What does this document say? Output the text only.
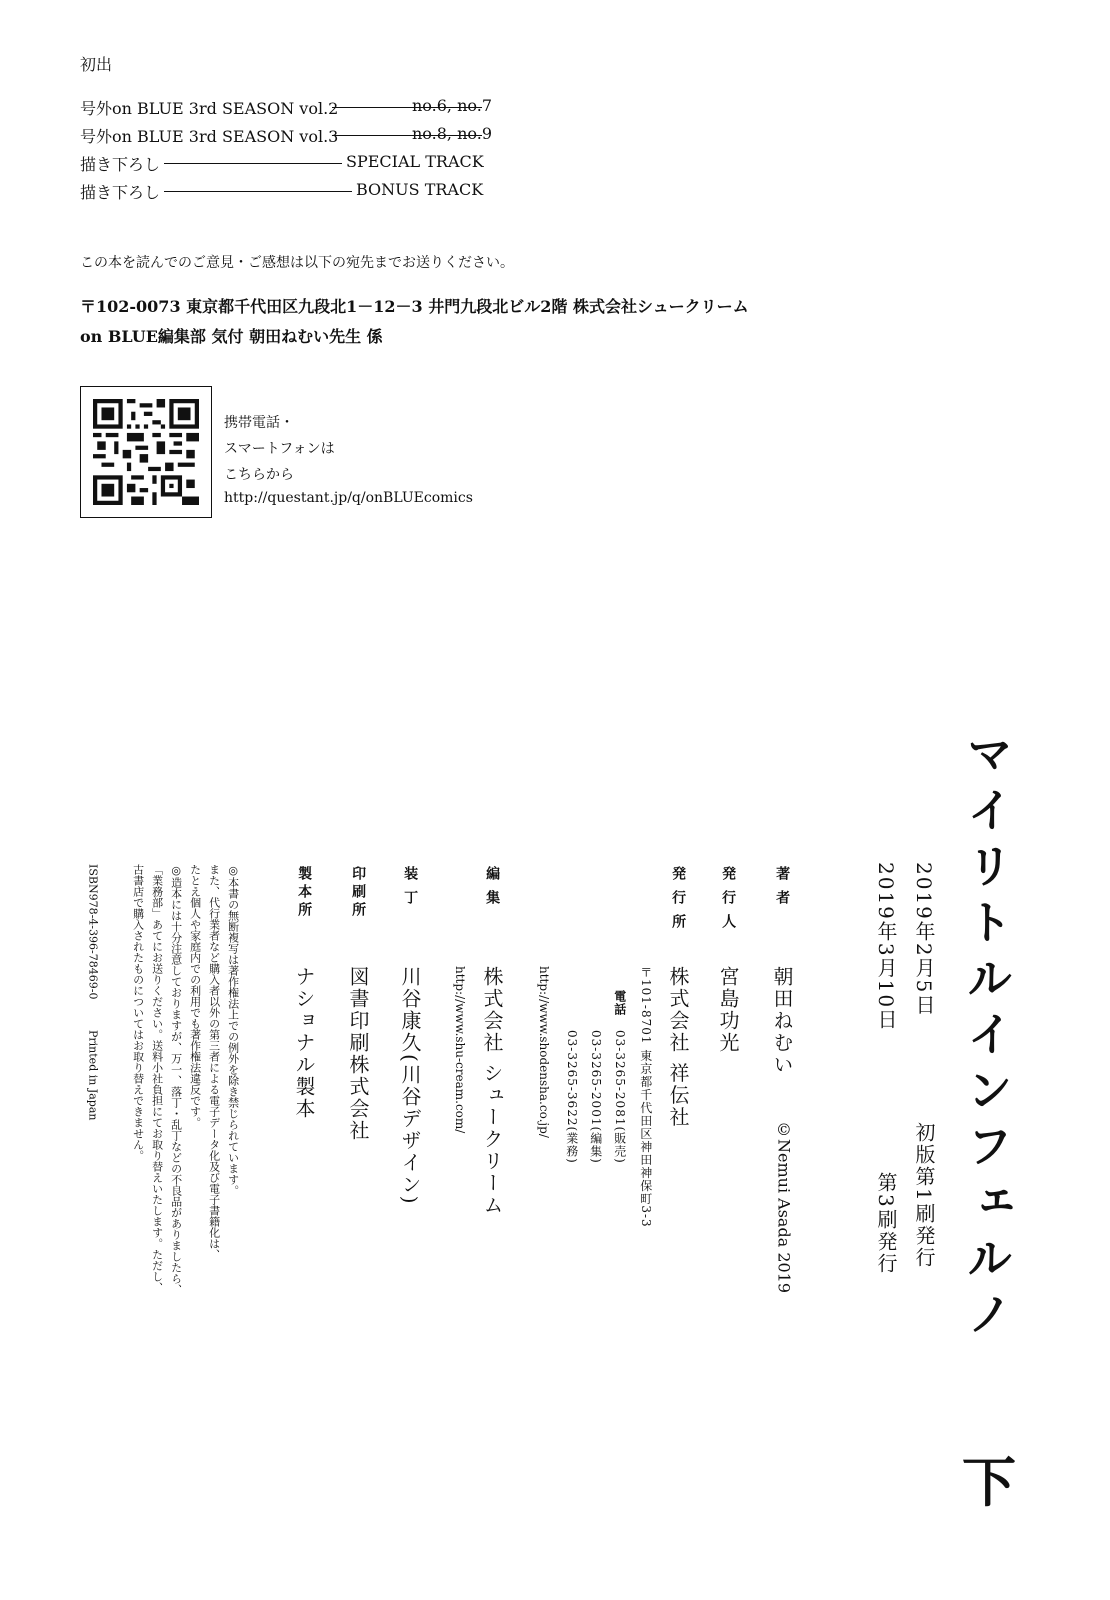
初出
号外on BLUE 3rd SEASON vol.2	no.6, no.7
号外on BLUE 3rd SEASON vol.3	no.8, no.9
描き下ろし	SPECIAL TRACK
描き下ろし	BONUS TRACK
この本を読んでのご意見・ご感想は以下の宛先までお送りください。
〒102-0073 東京都千代田区九段北1－12－3 井門九段北ビル2階 株式会社シュークリーム
on BLUE編集部 気付 朝田ねむい先生 係
携帯電話・
スマートフォンは
こちらから
http://questant.jp/q/onBLUEcomics
マイリトルインフェルノ
下
2019年2月5日
初版第1刷発行
2019年3月10日
第3刷発行
著者
朝田ねむい
©Nemui Asada 2019
発行人
宮島功光
発行所
株式会社 祥伝社
〒101-8701 東京都千代田区神田神保町3-3
電話
03-3265-2081(販売)
03-3265-2001(編集)
03-3265-3622(業務)
http://www.shodensha.co.jp/
編集
株式会社 シュークリーム
http://www.shu-cream.com/
装丁
川谷康久(川谷デザイン)
印刷所
図書印刷株式会社
製本所
ナショナル製本
◎本書の無断複写は著作権法上での例外を除き禁じられています。
また、代行業者など購入者以外の第三者による電子データ化及び電子書籍化は、
たとえ個人や家庭内での利用でも著作権法違反です。
◎造本には十分注意しておりますが、万一、落丁・乱丁などの不良品がありましたら、
「業務部」あてにお送りください。送料小社負担にてお取り替えいたします。ただし、
古書店で購入されたものについてはお取り替えできません。
ISBN978-4-396-78469-0
Printed in Japan
